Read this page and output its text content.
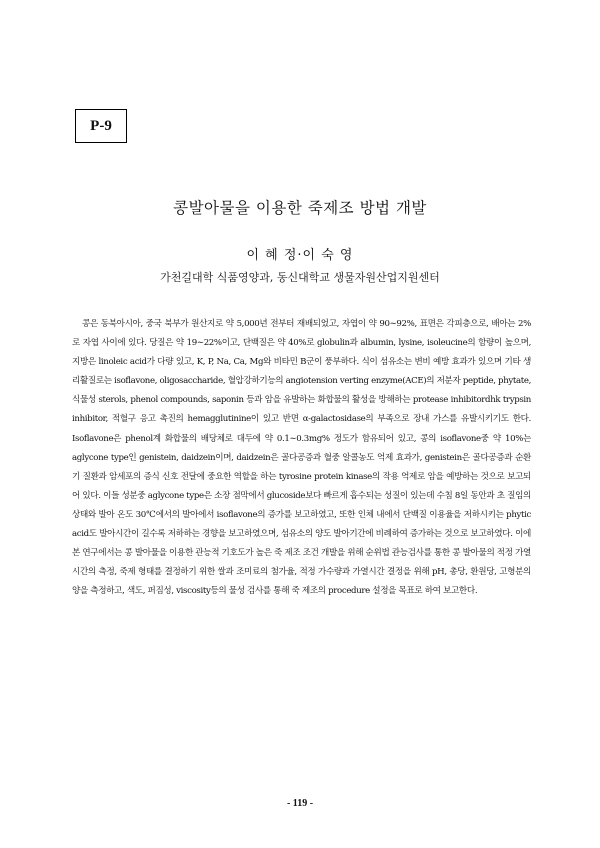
P-9
콩발아물을 이용한 죽제조 방법 개발
이 혜 정·이 숙 영
가천길대학 식품영양과, 동신대학교 생물자원산업지원센터

콩은 동북아시아, 중국 북부가 원산지로 약 5,000년 전부터 재배되었고, 자엽이 약 90∼92%, 표면은 각피층으로, 배아는 2%로 자엽 사이에 있다. 당질은 약 19∼22%이고, 단백질은 약 40%로 globulin과 albumin, lysine, isoleucine의 함량이 높으며, 지방은 linoleic acid가 다량 있고, K, P, Na, Ca, Mg와 비타민 B군이 풍부하다. 식이 섬유소는 변비 예방 효과가 있으며 기타 생리활질로는 isoflavone, oligosaccharide, 혈압강하기능의 angiotension verting enzyme(ACE)의 저분자 peptide, phytate, 식물성 sterols, phenol compounds, saponin 등과 암을 유발하는 화합물의 활성을 방해하는 protease inhibitordhk trypsin inhibitor, 적혈구 응고 촉진의 hemagglutinine이 있고 반면 α-galactosidase의 부족으로 장내 가스를 유발시키기도 한다. Isoflavone은 phenol계 화합물의 배당체로 대두에 약 0.1∼0.3mg% 정도가 함유되어 있고, 콩의 isoflavone중 약 10%는 aglycone type인 genistein, daidzein이며, daidzein은 골다공증과 혈중 알콜농도 억제 효과가, genistein은 골다공증과 순환기 질환과 암세포의 증식 신호 전달에 중요한 역할을 하는 tyrosine protein kinase의 작용 억제로 암을 예방하는 것으로 보고되어 있다. 이들 성분중 aglycone type은 소장 점막에서 glucoside보다 빠르게 흡수되는 성질이 있는데 수침 8일 동안과 초 질임의 상태와 발아 온도 30℃에서의 발아에서 isoflavone의 증가를 보고하였고, 또한 인체 내에서 단백질 이용율을 저하시키는 phytic acid도 발아시간이 길수록 저하하는 경향을 보고하였으며, 섬유소의 양도 발아기간에 비례하여 증가하는 것으로 보고하였다. 이에 본 연구에서는 콩 발아물을 이용한 관능적 기호도가 높은 죽 제조 조건 개발을 위해 순위법 관능검사를 통한 콩 발아물의 적정 가열시간의 측정, 죽제 형태를 결정하기 위한 쌀과 조미료의 첨가율, 적정 가수량과 가열시간 결정을 위해 pH, 총당, 환원당, 고형분의 양을 측정하고, 색도, 퍼짐성, viscosity등의 물성 검사를 통해 죽 제조의 procedure 설정을 목표로 하여 보고한다.

- 119 -
